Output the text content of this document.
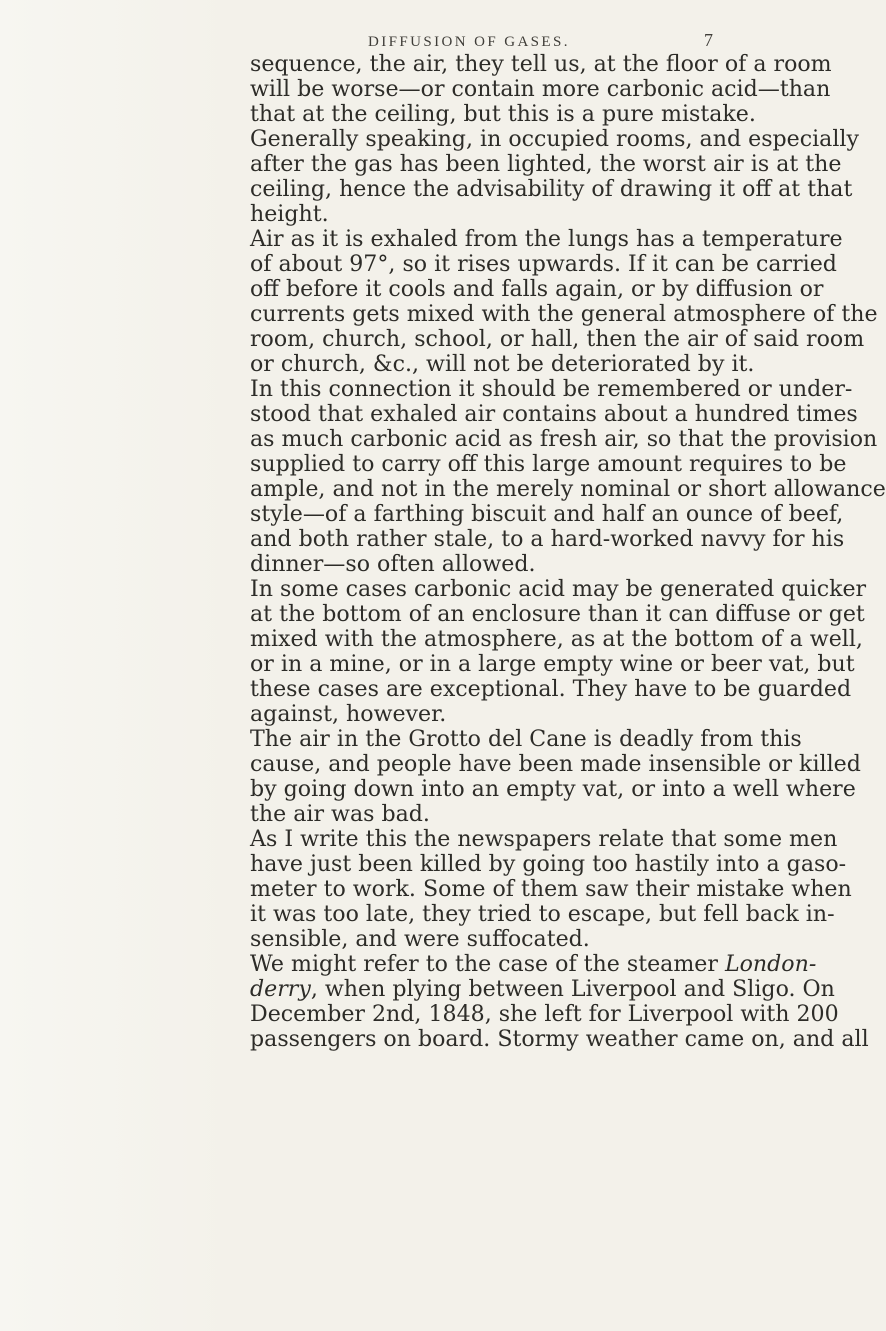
DIFFUSION OF GASES.	7
sequence, the air, they tell us, at the floor of a room
will be worse—or contain more carbonic acid—than
that at the ceiling, but this is a pure mistake.
Generally speaking, in occupied rooms, and especially
after the gas has been lighted, the worst air is at the
ceiling, hence the advisability of drawing it off at that
height.
Air as it is exhaled from the lungs has a temperature
of about 97°, so it rises upwards. If it can be carried
off before it cools and falls again, or by diffusion or
currents gets mixed with the general atmosphere of the
room, church, school, or hall, then the air of said room
or church, &c., will not be deteriorated by it.
In this connection it should be remembered or under-
stood that exhaled air contains about a hundred times
as much carbonic acid as fresh air, so that the provision
supplied to carry off this large amount requires to be
ample, and not in the merely nominal or short allowance
style—of a farthing biscuit and half an ounce of beef,
and both rather stale, to a hard-worked navvy for his
dinner—so often allowed.
In some cases carbonic acid may be generated quicker
at the bottom of an enclosure than it can diffuse or get
mixed with the atmosphere, as at the bottom of a well,
or in a mine, or in a large empty wine or beer vat, but
these cases are exceptional. They have to be guarded
against, however.
The air in the Grotto del Cane is deadly from this
cause, and people have been made insensible or killed
by going down into an empty vat, or into a well where
the air was bad.
As I write this the newspapers relate that some men
have just been killed by going too hastily into a gaso-
meter to work. Some of them saw their mistake when
it was too late, they tried to escape, but fell back in-
sensible, and were suffocated.
We might refer to the case of the steamer London-
derry, when plying between Liverpool and Sligo. On
December 2nd, 1848, she left for Liverpool with 200
passengers on board. Stormy weather came on, and all
